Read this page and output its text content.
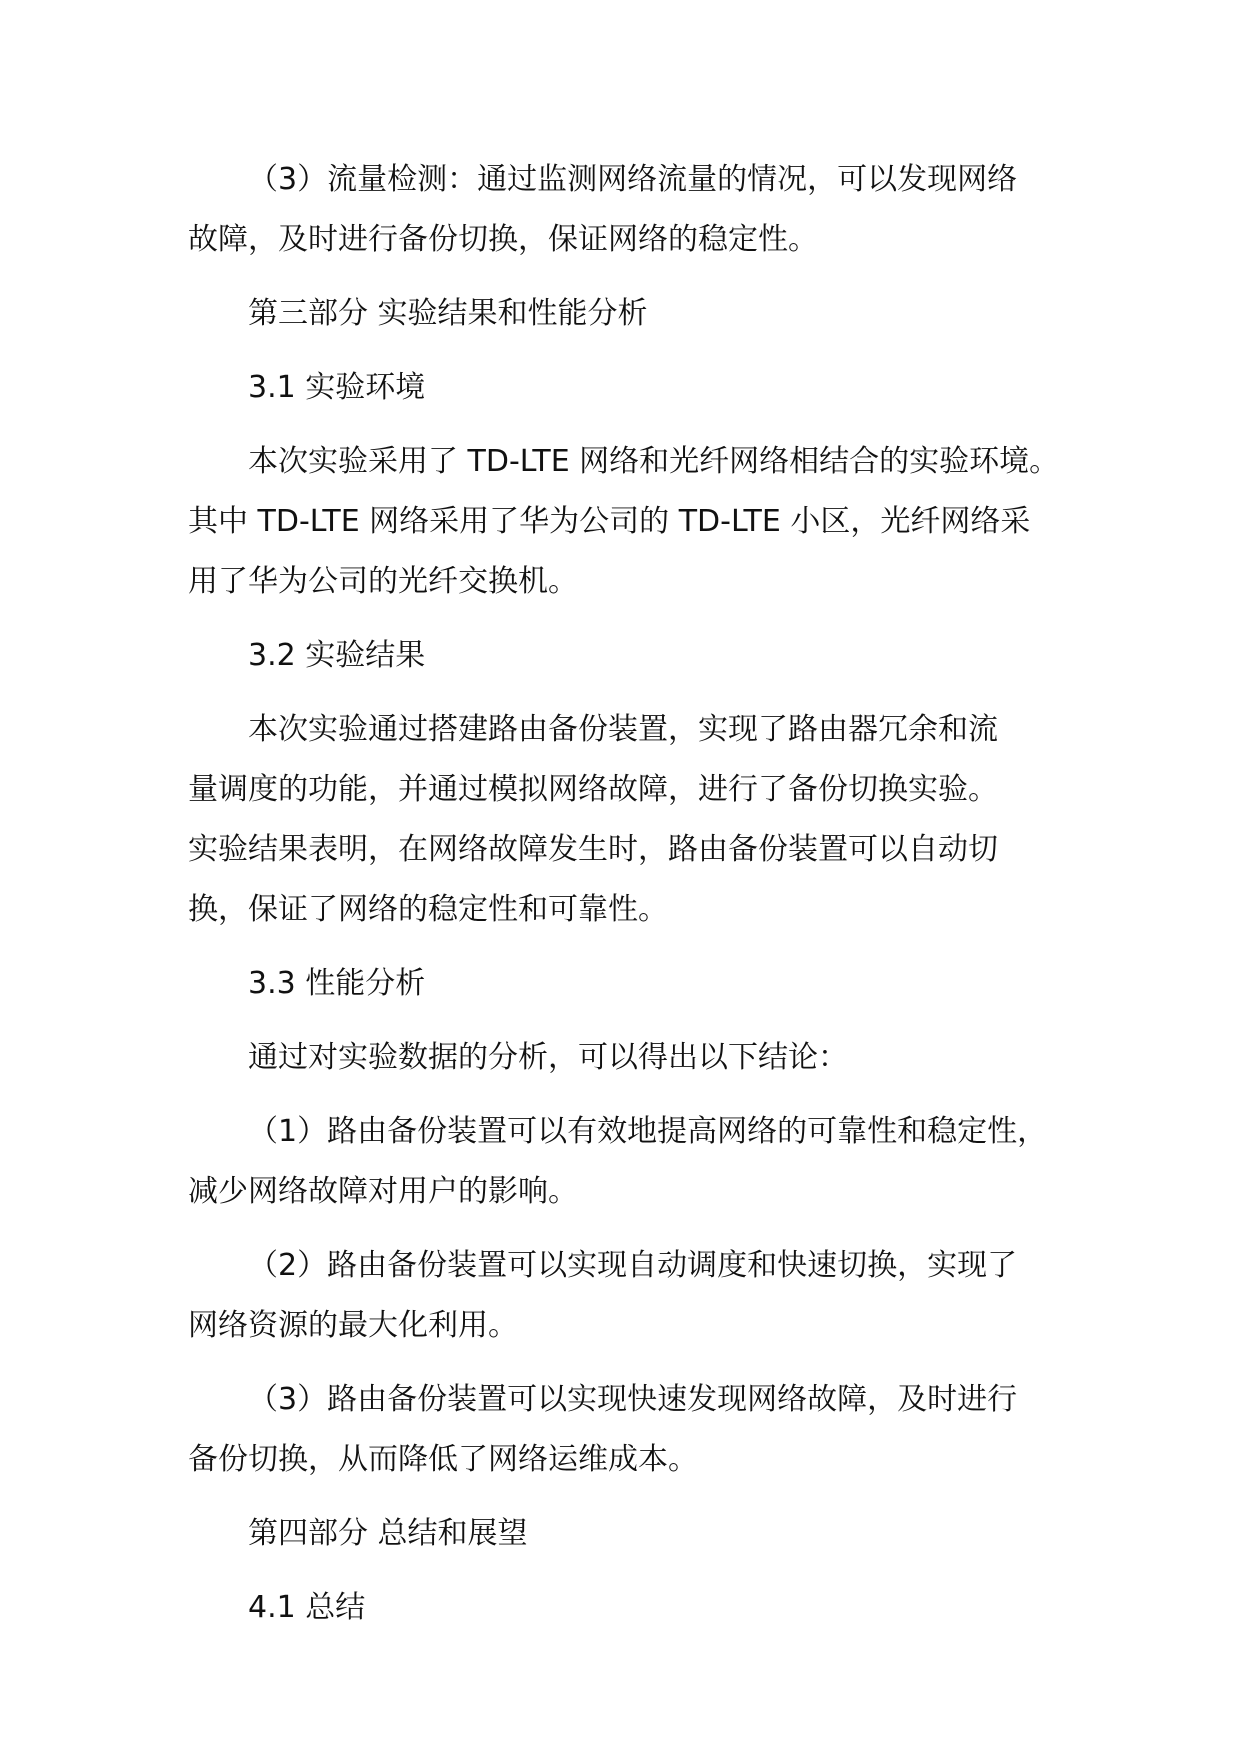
（3）流量检测：通过监测网络流量的情况，可以发现网络
故障，及时进行备份切换，保证网络的稳定性。

第三部分 实验结果和性能分析

3.1 实验环境

本次实验采用了 TD-LTE 网络和光纤网络相结合的实验环境。
其中 TD-LTE 网络采用了华为公司的 TD-LTE 小区，光纤网络采
用了华为公司的光纤交换机。

3.2 实验结果

本次实验通过搭建路由备份装置，实现了路由器冗余和流
量调度的功能，并通过模拟网络故障，进行了备份切换实验。
实验结果表明，在网络故障发生时，路由备份装置可以自动切
换，保证了网络的稳定性和可靠性。

3.3 性能分析

通过对实验数据的分析，可以得出以下结论：

（1）路由备份装置可以有效地提高网络的可靠性和稳定性，
减少网络故障对用户的影响。

（2）路由备份装置可以实现自动调度和快速切换，实现了
网络资源的最大化利用。

（3）路由备份装置可以实现快速发现网络故障，及时进行
备份切换，从而降低了网络运维成本。

第四部分 总结和展望

4.1 总结
